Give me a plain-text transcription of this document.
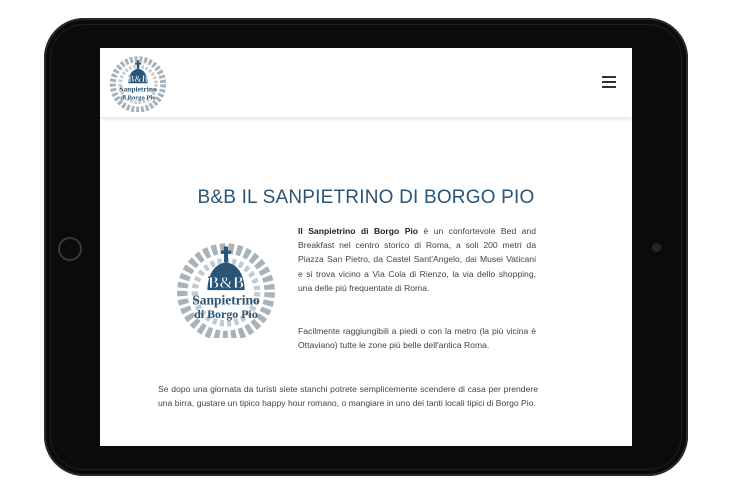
B&B
Sanpietrino
di Borgo Pio
B&B IL SANPIETRINO DI BORGO PIO
B&B
Sanpietrino
di Borgo Pio
Il Sanpietrino di Borgo Pio è un confortevole Bed and Breakfast nel centro storico di Roma, a soli 200 metri da Piazza San Pietro, da Castel Sant'Angelo, dai Musei Vaticani e si trova vicino a Via Cola di Rienzo, la via dello shopping, una delle più frequentate di Roma.
Facilmente raggiungibili a piedi o con la metro (la più vicina è Ottaviano) tutte le zone più belle dell'antica Roma.
Se dopo una giornata da turisti siete stanchi potrete semplicemente scendere di casa per prendere una birra, gustare un tipico happy hour romano, o mangiare in uno dei tanti locali tipici di Borgo Pio.
